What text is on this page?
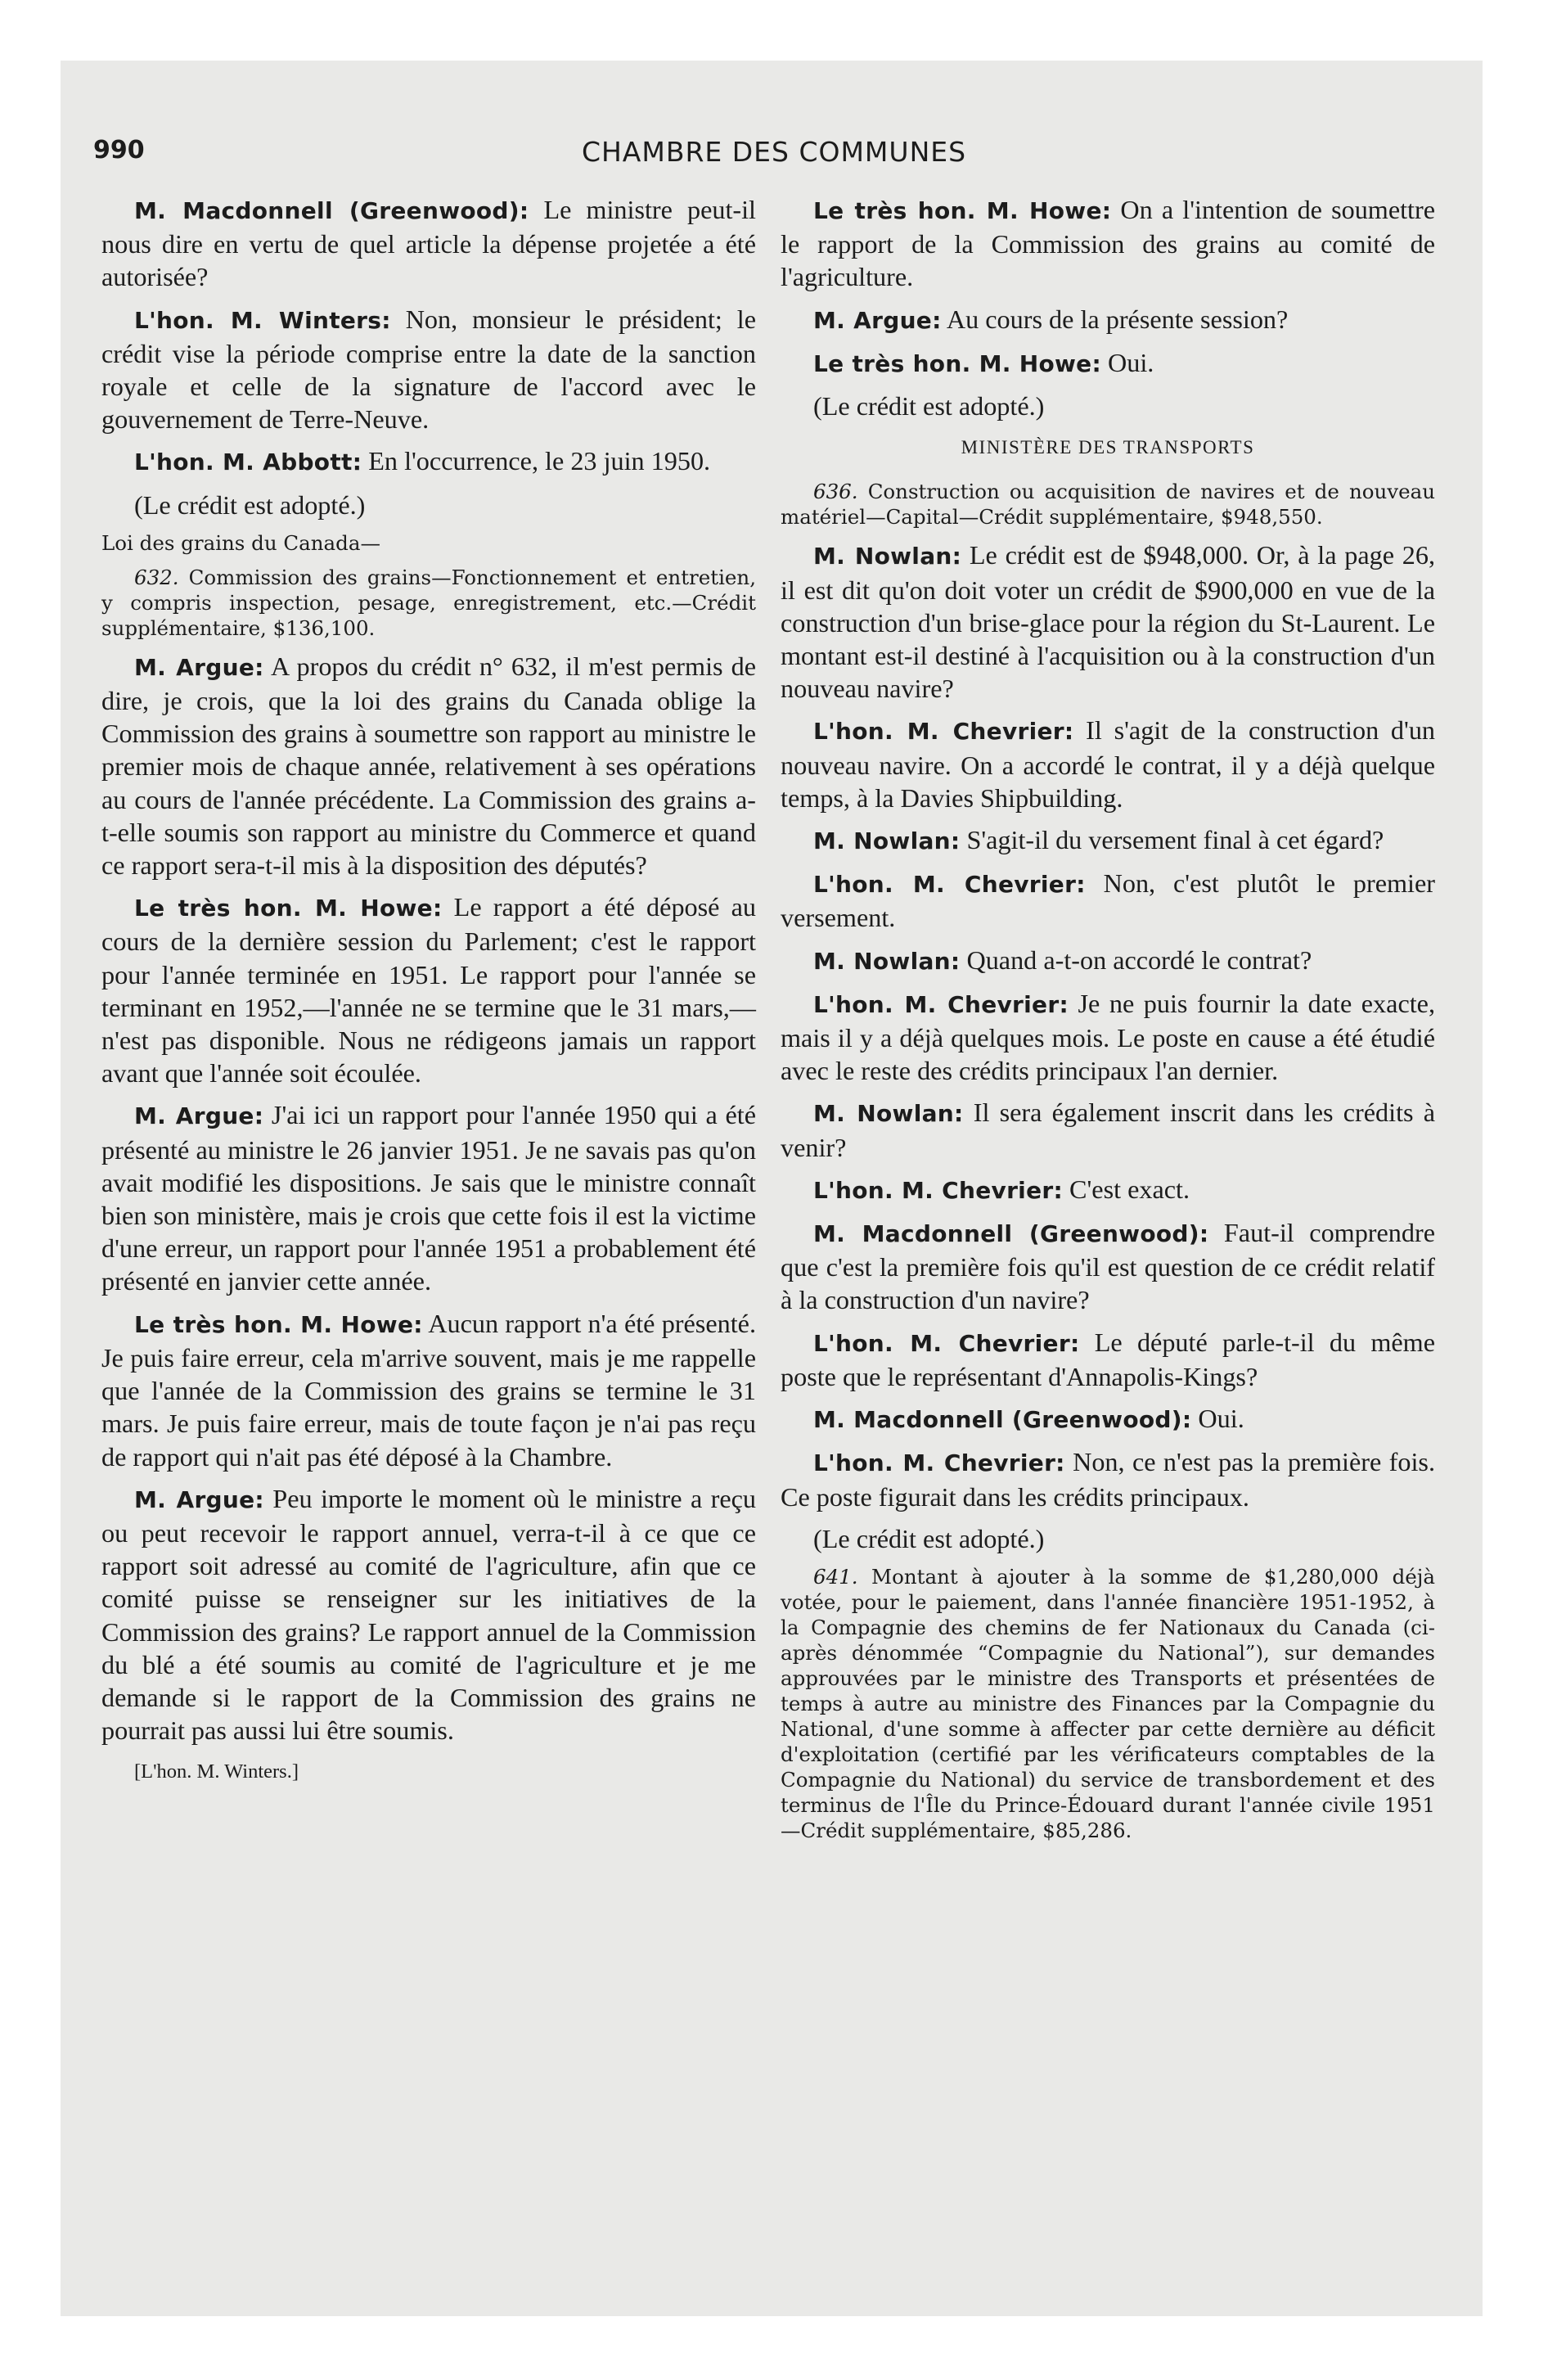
990	CHAMBRE DES COMMUNES

M. Macdonnell (Greenwood): Le ministre peut-il nous dire en vertu de quel article la dépense projetée a été autorisée?

L'hon. M. Winters: Non, monsieur le président; le crédit vise la période comprise entre la date de la sanction royale et celle de la signature de l'accord avec le gouvernement de Terre-Neuve.

L'hon. M. Abbott: En l'occurrence, le 23 juin 1950.

(Le crédit est adopté.)

Loi des grains du Canada—

632. Commission des grains—Fonctionnement et entretien, y compris inspection, pesage, enregistrement, etc.—Crédit supplémentaire, $136,100.

M. Argue: A propos du crédit n° 632, il m'est permis de dire, je crois, que la loi des grains du Canada oblige la Commission des grains à soumettre son rapport au ministre le premier mois de chaque année, relativement à ses opérations au cours de l'année précédente. La Commission des grains a-t-elle soumis son rapport au ministre du Commerce et quand ce rapport sera-t-il mis à la disposition des députés?

Le très hon. M. Howe: Le rapport a été déposé au cours de la dernière session du Parlement; c'est le rapport pour l'année terminée en 1951. Le rapport pour l'année se terminant en 1952,—l'année ne se termine que le 31 mars,—n'est pas disponible. Nous ne rédigeons jamais un rapport avant que l'année soit écoulée.

M. Argue: J'ai ici un rapport pour l'année 1950 qui a été présenté au ministre le 26 janvier 1951. Je ne savais pas qu'on avait modifié les dispositions. Je sais que le ministre connaît bien son ministère, mais je crois que cette fois il est la victime d'une erreur, un rapport pour l'année 1951 a probablement été présenté en janvier cette année.

Le très hon. M. Howe: Aucun rapport n'a été présenté. Je puis faire erreur, cela m'arrive souvent, mais je me rappelle que l'année de la Commission des grains se termine le 31 mars. Je puis faire erreur, mais de toute façon je n'ai pas reçu de rapport qui n'ait pas été déposé à la Chambre.

M. Argue: Peu importe le moment où le ministre a reçu ou peut recevoir le rapport annuel, verra-t-il à ce que ce rapport soit adressé au comité de l'agriculture, afin que ce comité puisse se renseigner sur les initiatives de la Commission des grains? Le rapport annuel de la Commission du blé a été soumis au comité de l'agriculture et je me demande si le rapport de la Commission des grains ne pourrait pas aussi lui être soumis.

[L'hon. M. Winters.]

Le très hon. M. Howe: On a l'intention de soumettre le rapport de la Commission des grains au comité de l'agriculture.

M. Argue: Au cours de la présente session?

Le très hon. M. Howe: Oui.

(Le crédit est adopté.)

MINISTÈRE DES TRANSPORTS

636. Construction ou acquisition de navires et de nouveau matériel—Capital—Crédit supplémentaire, $948,550.

M. Nowlan: Le crédit est de $948,000. Or, à la page 26, il est dit qu'on doit voter un crédit de $900,000 en vue de la construction d'un brise-glace pour la région du St-Laurent. Le montant est-il destiné à l'acquisition ou à la construction d'un nouveau navire?

L'hon. M. Chevrier: Il s'agit de la construction d'un nouveau navire. On a accordé le contrat, il y a déjà quelque temps, à la Davies Shipbuilding.

M. Nowlan: S'agit-il du versement final à cet égard?

L'hon. M. Chevrier: Non, c'est plutôt le premier versement.

M. Nowlan: Quand a-t-on accordé le contrat?

L'hon. M. Chevrier: Je ne puis fournir la date exacte, mais il y a déjà quelques mois. Le poste en cause a été étudié avec le reste des crédits principaux l'an dernier.

M. Nowlan: Il sera également inscrit dans les crédits à venir?

L'hon. M. Chevrier: C'est exact.

M. Macdonnell (Greenwood): Faut-il comprendre que c'est la première fois qu'il est question de ce crédit relatif à la construction d'un navire?

L'hon. M. Chevrier: Le député parle-t-il du même poste que le représentant d'Annapolis-Kings?

M. Macdonnell (Greenwood): Oui.

L'hon. M. Chevrier: Non, ce n'est pas la première fois. Ce poste figurait dans les crédits principaux.

(Le crédit est adopté.)

641. Montant à ajouter à la somme de $1,280,000 déjà votée, pour le paiement, dans l'année financière 1951-1952, à la Compagnie des chemins de fer Nationaux du Canada (ci-après dénommée “Compagnie du National”), sur demandes approuvées par le ministre des Transports et présentées de temps à autre au ministre des Finances par la Compagnie du National, d'une somme à affecter par cette dernière au déficit d'exploitation (certifié par les vérificateurs comptables de la Compagnie du National) du service de transbordement et des terminus de l'Île du Prince-Édouard durant l'année civile 1951—Crédit supplémentaire, $85,286.
